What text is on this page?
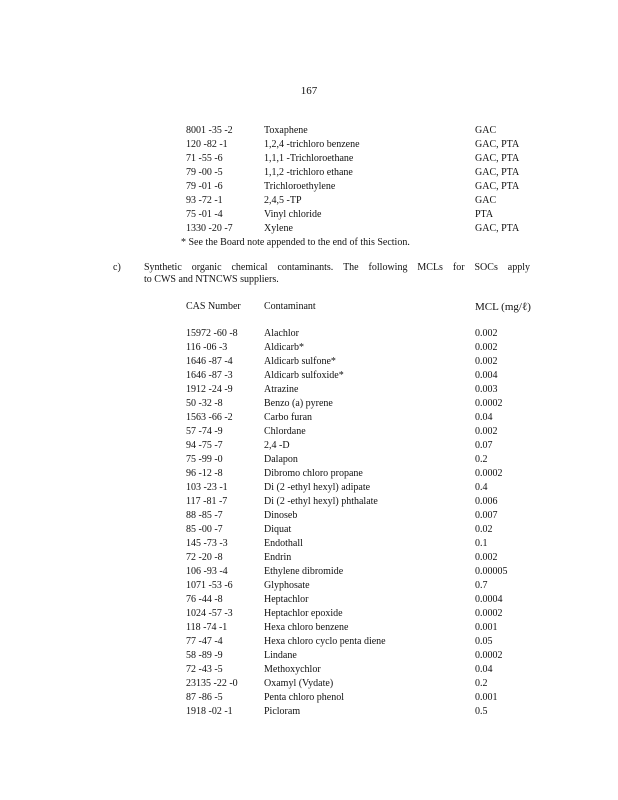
167
8001 -35 -2	Toxaphene	GAC
120 -82 -1	1,2,4 -trichloro benzene	GAC, PTA
71 -55 -6	1,1,1 -Trichloroethane	GAC, PTA
79 -00 -5	1,1,2 -trichloro ethane	GAC, PTA
79 -01 -6	Trichloroethylene	GAC, PTA
93 -72 -1	2,4,5 -TP	GAC
75 -01 -4	Vinyl chloride	PTA
1330 -20 -7	Xylene	GAC, PTA
* See the Board note appended to the end of this Section.
c) Synthetic organic chemical contaminants. The following MCLs for SOCs apply
to CWS and NTNCWS suppliers.
CAS Number	Contaminant	MCL (mg/ℓ)
15972 -60 -8	Alachlor	0.002
116 -06 -3	Aldicarb*	0.002
1646 -87 -4	Aldicarb sulfone*	0.002
1646 -87 -3	Aldicarb sulfoxide*	0.004
1912 -24 -9	Atrazine	0.003
50 -32 -8	Benzo (a) pyrene	0.0002
1563 -66 -2	Carbo furan	0.04
57 -74 -9	Chlordane	0.002
94 -75 -7	2,4 -D	0.07
75 -99 -0	Dalapon	0.2
96 -12 -8	Dibromo chloro propane	0.0002
103 -23 -1	Di (2 -ethyl hexyl) adipate	0.4
117 -81 -7	Di (2 -ethyl hexyl) phthalate	0.006
88 -85 -7	Dinoseb	0.007
85 -00 -7	Diquat	0.02
145 -73 -3	Endothall	0.1
72 -20 -8	Endrin	0.002
106 -93 -4	Ethylene dibromide	0.00005
1071 -53 -6	Glyphosate	0.7
76 -44 -8	Heptachlor	0.0004
1024 -57 -3	Heptachlor epoxide	0.0002
118 -74 -1	Hexa chloro benzene	0.001
77 -47 -4	Hexa chloro cyclo penta diene	0.05
58 -89 -9	Lindane	0.0002
72 -43 -5	Methoxychlor	0.04
23135 -22 -0	Oxamyl (Vydate)	0.2
87 -86 -5	Penta chloro phenol	0.001
1918 -02 -1	Picloram	0.5
